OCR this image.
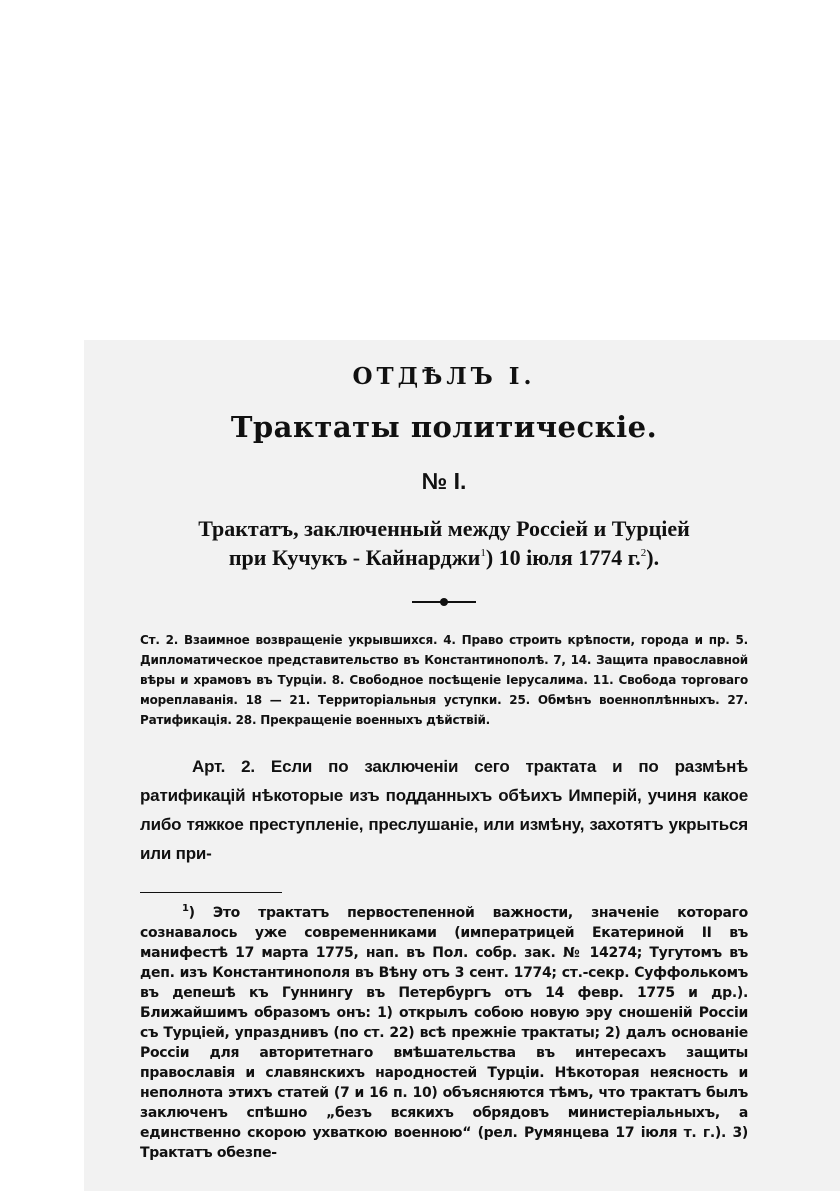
ОТДѢЛЪ I.
Трактаты политическіе.
№ I.
Трактатъ, заключенный между Россіей и Турціей
при Кучукъ - Кайнарджи$^1$) 10 іюля 1774 г.$^2$).

Ст. 2. Взаимное возвращеніе укрывшихся. 4. Право строить крѣпости, города и пр. 5. Дипломатическое представительство въ Константинополѣ. 7, 14. Защита православной вѣры и храмовъ въ Турціи. 8. Свободное посѣщеніе Іерусалима. 11. Свобода торговаго мореплаванія. 18 — 21. Территоріальныя уступки. 25. Обмѣнъ военноплѣнныхъ. 27. Ратификація. 28. Прекращеніе военныхъ дѣйствій.

Арт. 2. Если по заключеніи сего трактата и по размѣнѣ ратификацій нѣкоторые изъ подданныхъ обѣихъ Имперій, учиня какое либо тяжкое преступленіе, преслушаніе, или измѣну, захотятъ укрыться или при-

$^1$) Это трактатъ первостепенной важности, значеніе котораго сознавалось уже современниками (императрицей Екатериной II въ манифестѣ 17 марта 1775, нап. въ Пол. собр. зак. № 14274; Тугутомъ въ деп. изъ Константинополя въ Вѣну отъ 3 сент. 1774; ст.-секр. Суффолькомъ въ депешѣ къ Гуннингу въ Петербургъ отъ 14 февр. 1775 и др.). Ближайшимъ образомъ онъ: 1) открылъ собою новую эру сношеній Россіи съ Турціей, упразднивъ (по ст. 22) всѣ прежніе трактаты; 2) далъ основаніе Россіи для авторитетнаго вмѣшательства въ интересахъ защиты православія и славянскихъ народностей Турціи. Нѣкоторая неясность и неполнота этихъ статей (7 и 16 п. 10) объясняются тѣмъ, что трактатъ былъ заключенъ спѣшно „безъ всякихъ обрядовъ министеріальныхъ, а единственно скорою ухваткою военною“ (рел. Румянцева 17 іюля т. г.). 3) Трактатъ обезпе-
